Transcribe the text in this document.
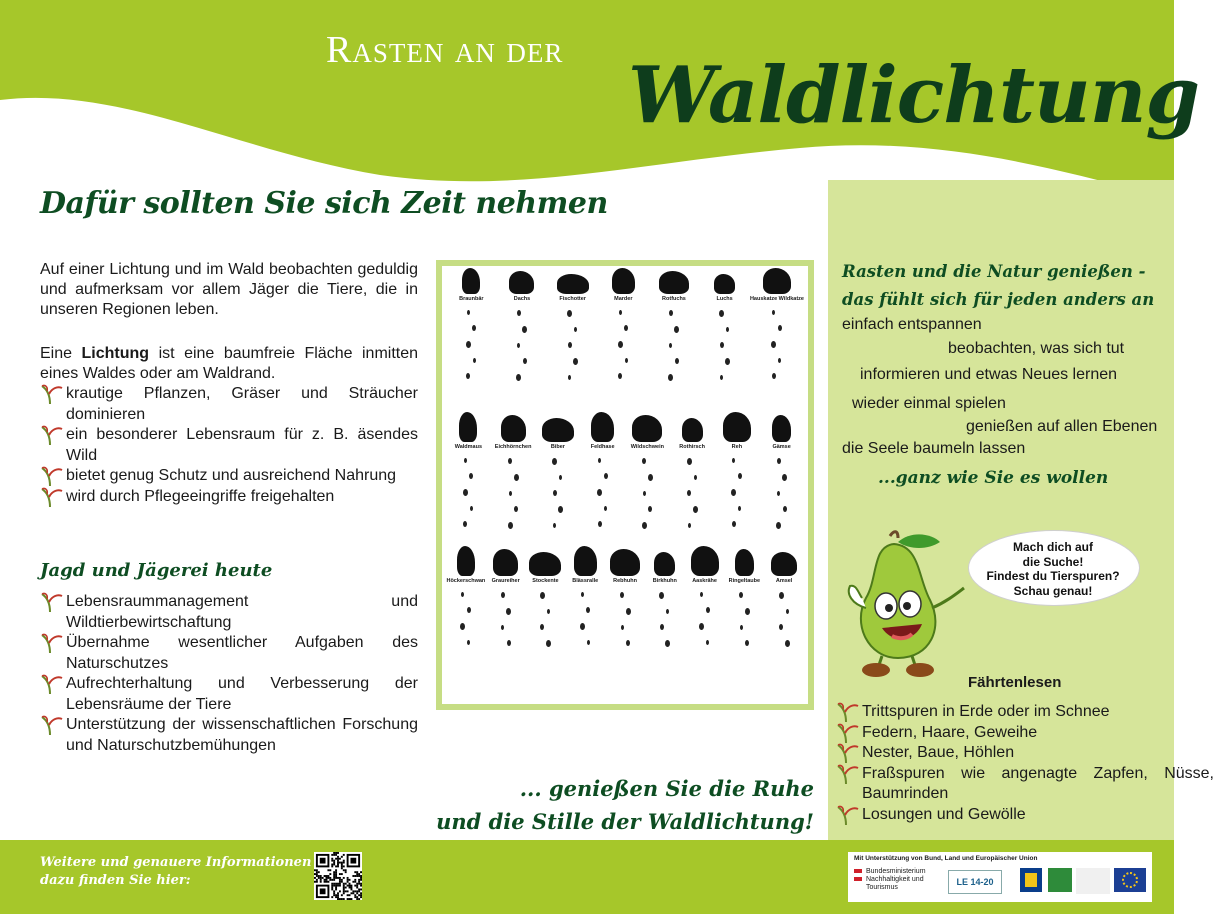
Rasten an der Waldlichtung
Dafür sollten Sie sich Zeit nehmen
Auf einer Lichtung und im Wald beobachten geduldig und aufmerksam vor allem Jäger die Tiere, die in unseren Regionen leben.
Eine Lichtung ist eine baumfreie Fläche inmitten eines Waldes oder am Waldrand.
krautige Pflanzen, Gräser und Sträucher dominieren
ein besonderer Lebensraum für z. B. äsendes Wild
bietet genug Schutz und ausreichend Nahrung
wird durch Pflegeeingriffe freigehalten
Jagd und Jägerei heute
Lebensraummanagement und Wildtierbewirtschaftung
Übernahme wesentlicher Aufgaben des Naturschutzes
Aufrechterhaltung und Verbesserung der Lebensräume der Tiere
Unterstützung der wissenschaftlichen Forschung und Naturschutzbemühungen
Braunbär	Dachs	Fischotter	Marder	Rotfuchs	Luchs	Hauskatze Wildkatze
Waldmaus Eichhörnchen	Biber	Feldhase	Wildschwein	Rothirsch	Reh	Gämse
Höckerschwan Graureiher Stockente Blässralle	Rebhuhn	Birkhuhn	Aaskrähe Ringeltaube	Amsel
Rasten und die Natur genießen -
das fühlt sich für jeden anders an
einfach entspannen
beobachten, was sich tut
informieren und etwas Neues lernen
wieder einmal spielen
genießen auf allen Ebenen
die Seele baumeln lassen
...ganz wie Sie es wollen
Mach dich auf
die Suche!
Findest du Tierspuren?
Schau genau!
Fährtenlesen
Trittspuren in Erde oder im Schnee
Federn, Haare, Geweihe
Nester, Baue, Höhlen
Fraßspuren wie angenagte Zapfen, Nüsse, Baumrinden
Losungen und Gewölle
... genießen Sie die Ruhe
und die Stille der Waldlichtung!
Weitere und genauere Informationen
dazu finden Sie hier:
Mit Unterstützung von Bund, Land und Europäischer Union
Bundesministerium
Nachhaltigkeit und
Tourismus
LE 14-20
